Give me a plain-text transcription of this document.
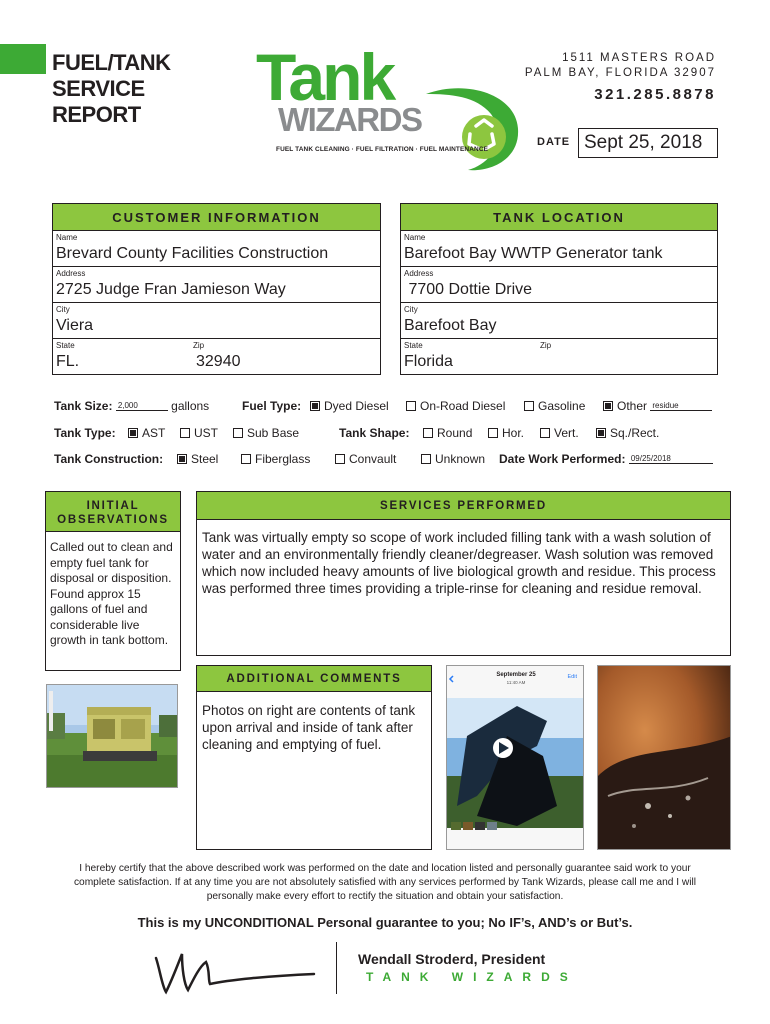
FUEL/TANK
SERVICE
REPORT
Tank
WIZARDS
FUEL TANK CLEANING · FUEL FILTRATION · FUEL MAINTENANCE
1511 MASTERS ROAD
PALM BAY, FLORIDA 32907
321.285.8878
DATE Sept 25, 2018
CUSTOMER INFORMATION
Name
Brevard County Facilities Construction
Address
2725 Judge Fran Jamieson Way
City
Viera
State
FL.
Zip
32940
TANK LOCATION
Name
Barefoot Bay WWTP Generator tank
Address
7700 Dottie Drive
City
Barefoot Bay
State
Florida
Zip
Tank Size: 2,000	gallons	Fuel Type:	Dyed Diesel	On-Road Diesel	Gasoline	Other residue
Tank Type:	AST	UST	Sub Base	Tank Shape:	Round	Hor.	Vert.	Sq./Rect.
Tank Construction:	Steel	Fiberglass	Convault	Unknown Date Work Performed: 09/25/2018
INITIAL
OBSERVATIONS
Called out to clean and empty fuel tank for disposal or disposition. Found approx 15 gallons of fuel and considerable live growth in tank bottom.
SERVICES PERFORMED
Tank was virtually empty so scope of work included filling tank with a wash solution of water and an environmentally friendly cleaner/degreaser. Wash solution was removed which now included heavy amounts of live biological growth and residue. This process was performed three times providing a triple-rinse for cleaning and residue removal.
ADDITIONAL COMMENTS
Photos on right are contents of tank upon arrival and inside of tank after cleaning and emptying of fuel.
September 25
11:40 AM
Edit
I hereby certify that the above described work was performed on the date and location listed and personally guarantee said work to your complete satisfaction. If at any time you are not absolutely satisfied with any services performed by Tank Wizards, please call me and I will personally make every effort to rectify the situation and obtain your satisfaction.
This is my UNCONDITIONAL Personal guarantee to you; No IF’s, AND’s or But’s.
Wendall Stroderd, President
TANK WIZARDS
